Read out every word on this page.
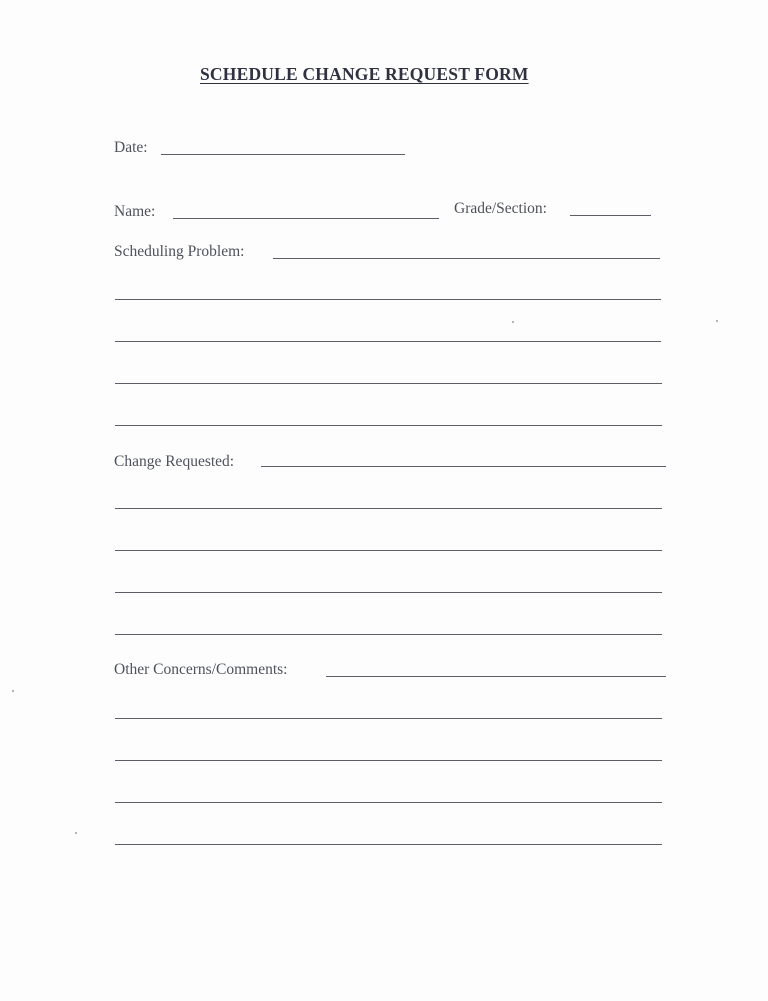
SCHEDULE CHANGE REQUEST FORM
Date:
Name:	Grade/Section:
Scheduling Problem:
Change Requested:
Other Concerns/Comments:
